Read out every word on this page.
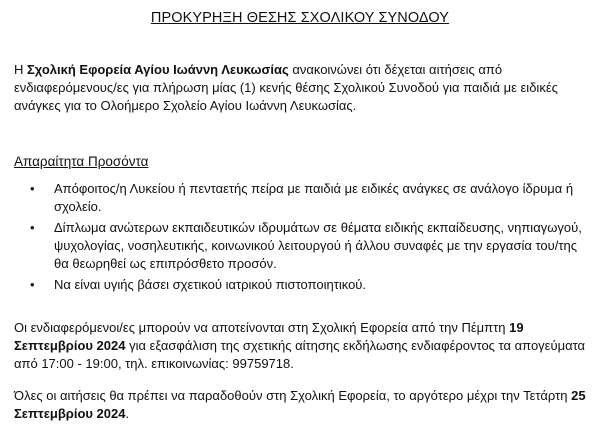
ΠΡΟΚΥΡΗΞΗ ΘΕΣΗΣ ΣΧΟΛΙΚΟΥ ΣΥΝΟΔΟΥ

Η Σχολική Εφορεία Αγίου Ιωάννη Λευκωσίας ανακοινώνει ότι δέχεται αιτήσεις από ενδιαφερόμενους/ες για πλήρωση μίας (1) κενής θέσης Σχολικού Συνοδού για παιδιά με ειδικές ανάγκες για το Ολοήμερο Σχολείο Αγίου Ιωάννη Λευκωσίας.

Απαραίτητα Προσόντα
• Απόφοιτος/η Λυκείου ή πενταετής πείρα με παιδιά με ειδικές ανάγκες σε ανάλογο ίδρυμα ή σχολείο.
• Δίπλωμα ανώτερων εκπαιδευτικών ιδρυμάτων σε θέματα ειδικής εκπαίδευσης, νηπιαγωγού, ψυχολογίας, νοσηλευτικής, κοινωνικού λειτουργού ή άλλου συναφές με την εργασία του/της θα θεωρηθεί ως επιπρόσθετο προσόν.
• Να είναι υγιής βάσει σχετικού ιατρικού πιστοποιητικού.

Οι ενδιαφερόμενοι/ες μπορούν να αποτείνονται στη Σχολική Εφορεία από την Πέμπτη 19 Σεπτεμβρίου 2024 για εξασφάλιση της σχετικής αίτησης εκδήλωσης ενδιαφέροντος τα απογεύματα από 17:00 - 19:00, τηλ. επικοινωνίας: 99759718.

Όλες οι αιτήσεις θα πρέπει να παραδοθούν στη Σχολική Εφορεία, το αργότερο μέχρι την Τετάρτη 25 Σεπτεμβρίου 2024.
